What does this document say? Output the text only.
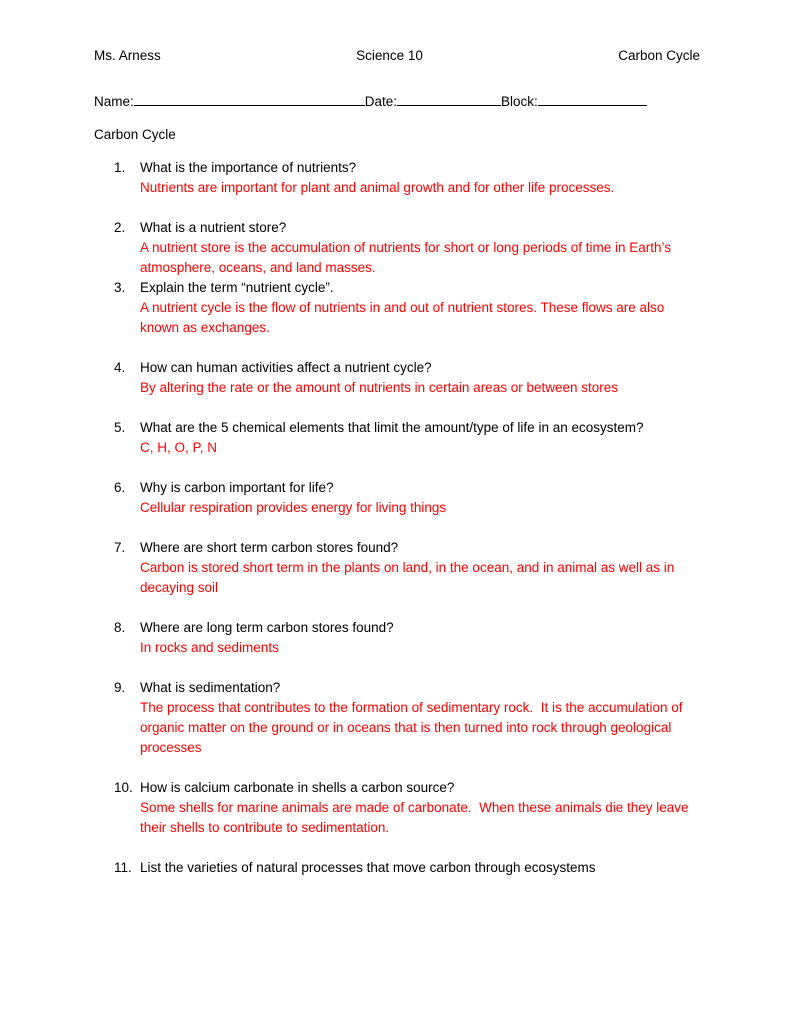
Ms. Arness	Science 10	Carbon Cycle
Name:	Date:	Block:
Carbon Cycle
1.	What is the importance of nutrients?
Nutrients are important for plant and animal growth and for other life processes.
2.	What is a nutrient store?
A nutrient store is the accumulation of nutrients for short or long periods of time in Earth’s atmosphere, oceans, and land masses.
3.	Explain the term “nutrient cycle”.
A nutrient cycle is the flow of nutrients in and out of nutrient stores. These flows are also known as exchanges.
4.	How can human activities affect a nutrient cycle?
By altering the rate or the amount of nutrients in certain areas or between stores
5.	What are the 5 chemical elements that limit the amount/type of life in an ecosystem?
C, H, O, P, N
6.	Why is carbon important for life?
Cellular respiration provides energy for living things
7.	Where are short term carbon stores found?
Carbon is stored short term in the plants on land, in the ocean, and in animal as well as in decaying soil
8.	Where are long term carbon stores found?
In rocks and sediments
9.	What is sedimentation?
The process that contributes to the formation of sedimentary rock.  It is the accumulation of organic matter on the ground or in oceans that is then turned into rock through geological processes
10. How is calcium carbonate in shells a carbon source?
Some shells for marine animals are made of carbonate.  When these animals die they leave their shells to contribute to sedimentation.
11. List the varieties of natural processes that move carbon through ecosystems
